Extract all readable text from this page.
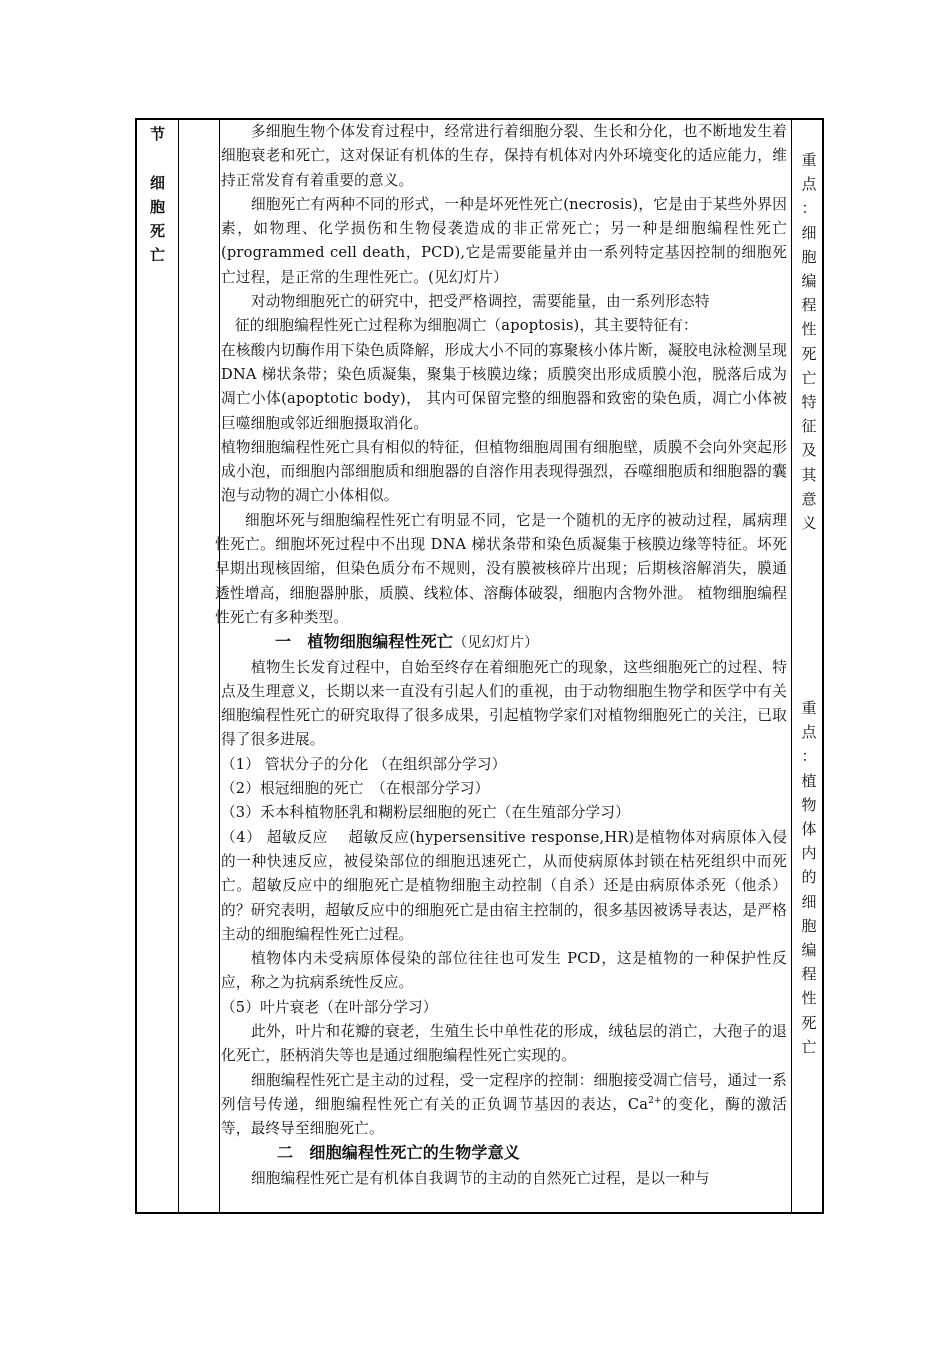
节
细
胞
死
亡

多细胞生物个体发育过程中，经常进行着细胞分裂、生长和分化，也不断地发生着细胞衰老和死亡，这对保证有机体的生存，保持有机体对内外环境变化的适应能力，维持正常发育有着重要的意义。

细胞死亡有两种不同的形式，一种是坏死性死亡(necrosis)，它是由于某些外界因素，如物理、化学损伤和生物侵袭造成的非正常死亡；另一种是细胞编程性死亡(programmed cell death，PCD),它是需要能量并由一系列特定基因控制的细胞死亡过程，是正常的生理性死亡。(见幻灯片）

对动物细胞死亡的研究中，把受严格调控，需要能量，由一系列形态特

征的细胞编程性死亡过程称为细胞凋亡（apoptosis)，其主要特征有：

在核酸内切酶作用下染色质降解，形成大小不同的寡聚核小体片断，凝胶电泳检测呈现 DNA 梯状条带；染色质凝集，聚集于核膜边缘；质膜突出形成质膜小泡，脱落后成为凋亡小体(apoptotic body)， 其内可保留完整的细胞器和致密的染色质，凋亡小体被巨噬细胞或邻近细胞摄取消化。

植物细胞编程性死亡具有相似的特征，但植物细胞周围有细胞壁，质膜不会向外突起形成小泡，而细胞内部细胞质和细胞器的自溶作用表现得强烈，吞噬细胞质和细胞器的囊泡与动物的凋亡小体相似。

细胞坏死与细胞编程性死亡有明显不同，它是一个随机的无序的被动过程，属病理性死亡。细胞坏死过程中不出现 DNA 梯状条带和染色质凝集于核膜边缘等特征。坏死早期出现核固缩，但染色质分布不规则，没有膜被核碎片出现；后期核溶解消失，膜通透性增高，细胞器肿胀，质膜、线粒体、溶酶体破裂，细胞内含物外泄。 植物细胞编程性死亡有多种类型。

一　植物细胞编程性死亡（见幻灯片）

植物生长发育过程中，自始至终存在着细胞死亡的现象，这些细胞死亡的过程、特点及生理意义，长期以来一直没有引起人们的重视，由于动物细胞生物学和医学中有关细胞编程性死亡的研究取得了很多成果，引起植物学家们对植物细胞死亡的关注，已取得了很多进展。

（1） 管状分子的分化 （在组织部分学习）

（2）根冠细胞的死亡　（在根部分学习）

（3）禾本科植物胚乳和糊粉层细胞的死亡（在生殖部分学习）

（4） 超敏反应　 超敏反应(hypersensitive response,HR)是植物体对病原体入侵的一种快速反应，被侵染部位的细胞迅速死亡，从而使病原体封锁在枯死组织中而死亡。超敏反应中的细胞死亡是植物细胞主动控制（自杀）还是由病原体杀死（他杀）的？研究表明，超敏反应中的细胞死亡是由宿主控制的，很多基因被诱导表达，是严格主动的细胞编程性死亡过程。

植物体内未受病原体侵染的部位往往也可发生 PCD，这是植物的一种保护性反应，称之为抗病系统性反应。

（5）叶片衰老（在叶部分学习）

此外，叶片和花瓣的衰老，生殖生长中单性花的形成，绒毡层的消亡，大孢子的退化死亡，胚柄消失等也是通过细胞编程性死亡实现的。

细胞编程性死亡是主动的过程，受一定程序的控制：细胞接受凋亡信号，通过一系列信号传递，细胞编程性死亡有关的正负调节基因的表达，$Ca^{2+}$的变化，酶的激活等，最终导至细胞死亡。

二　细胞编程性死亡的生物学意义

细胞编程性死亡是有机体自我调节的主动的自然死亡过程，是以一种与

重
点
：
细
胞
编
程
性
死
亡
特
征
及
其
意
义
重
点
：
植
物
体
内
的
细
胞
编
程
性
死
亡
